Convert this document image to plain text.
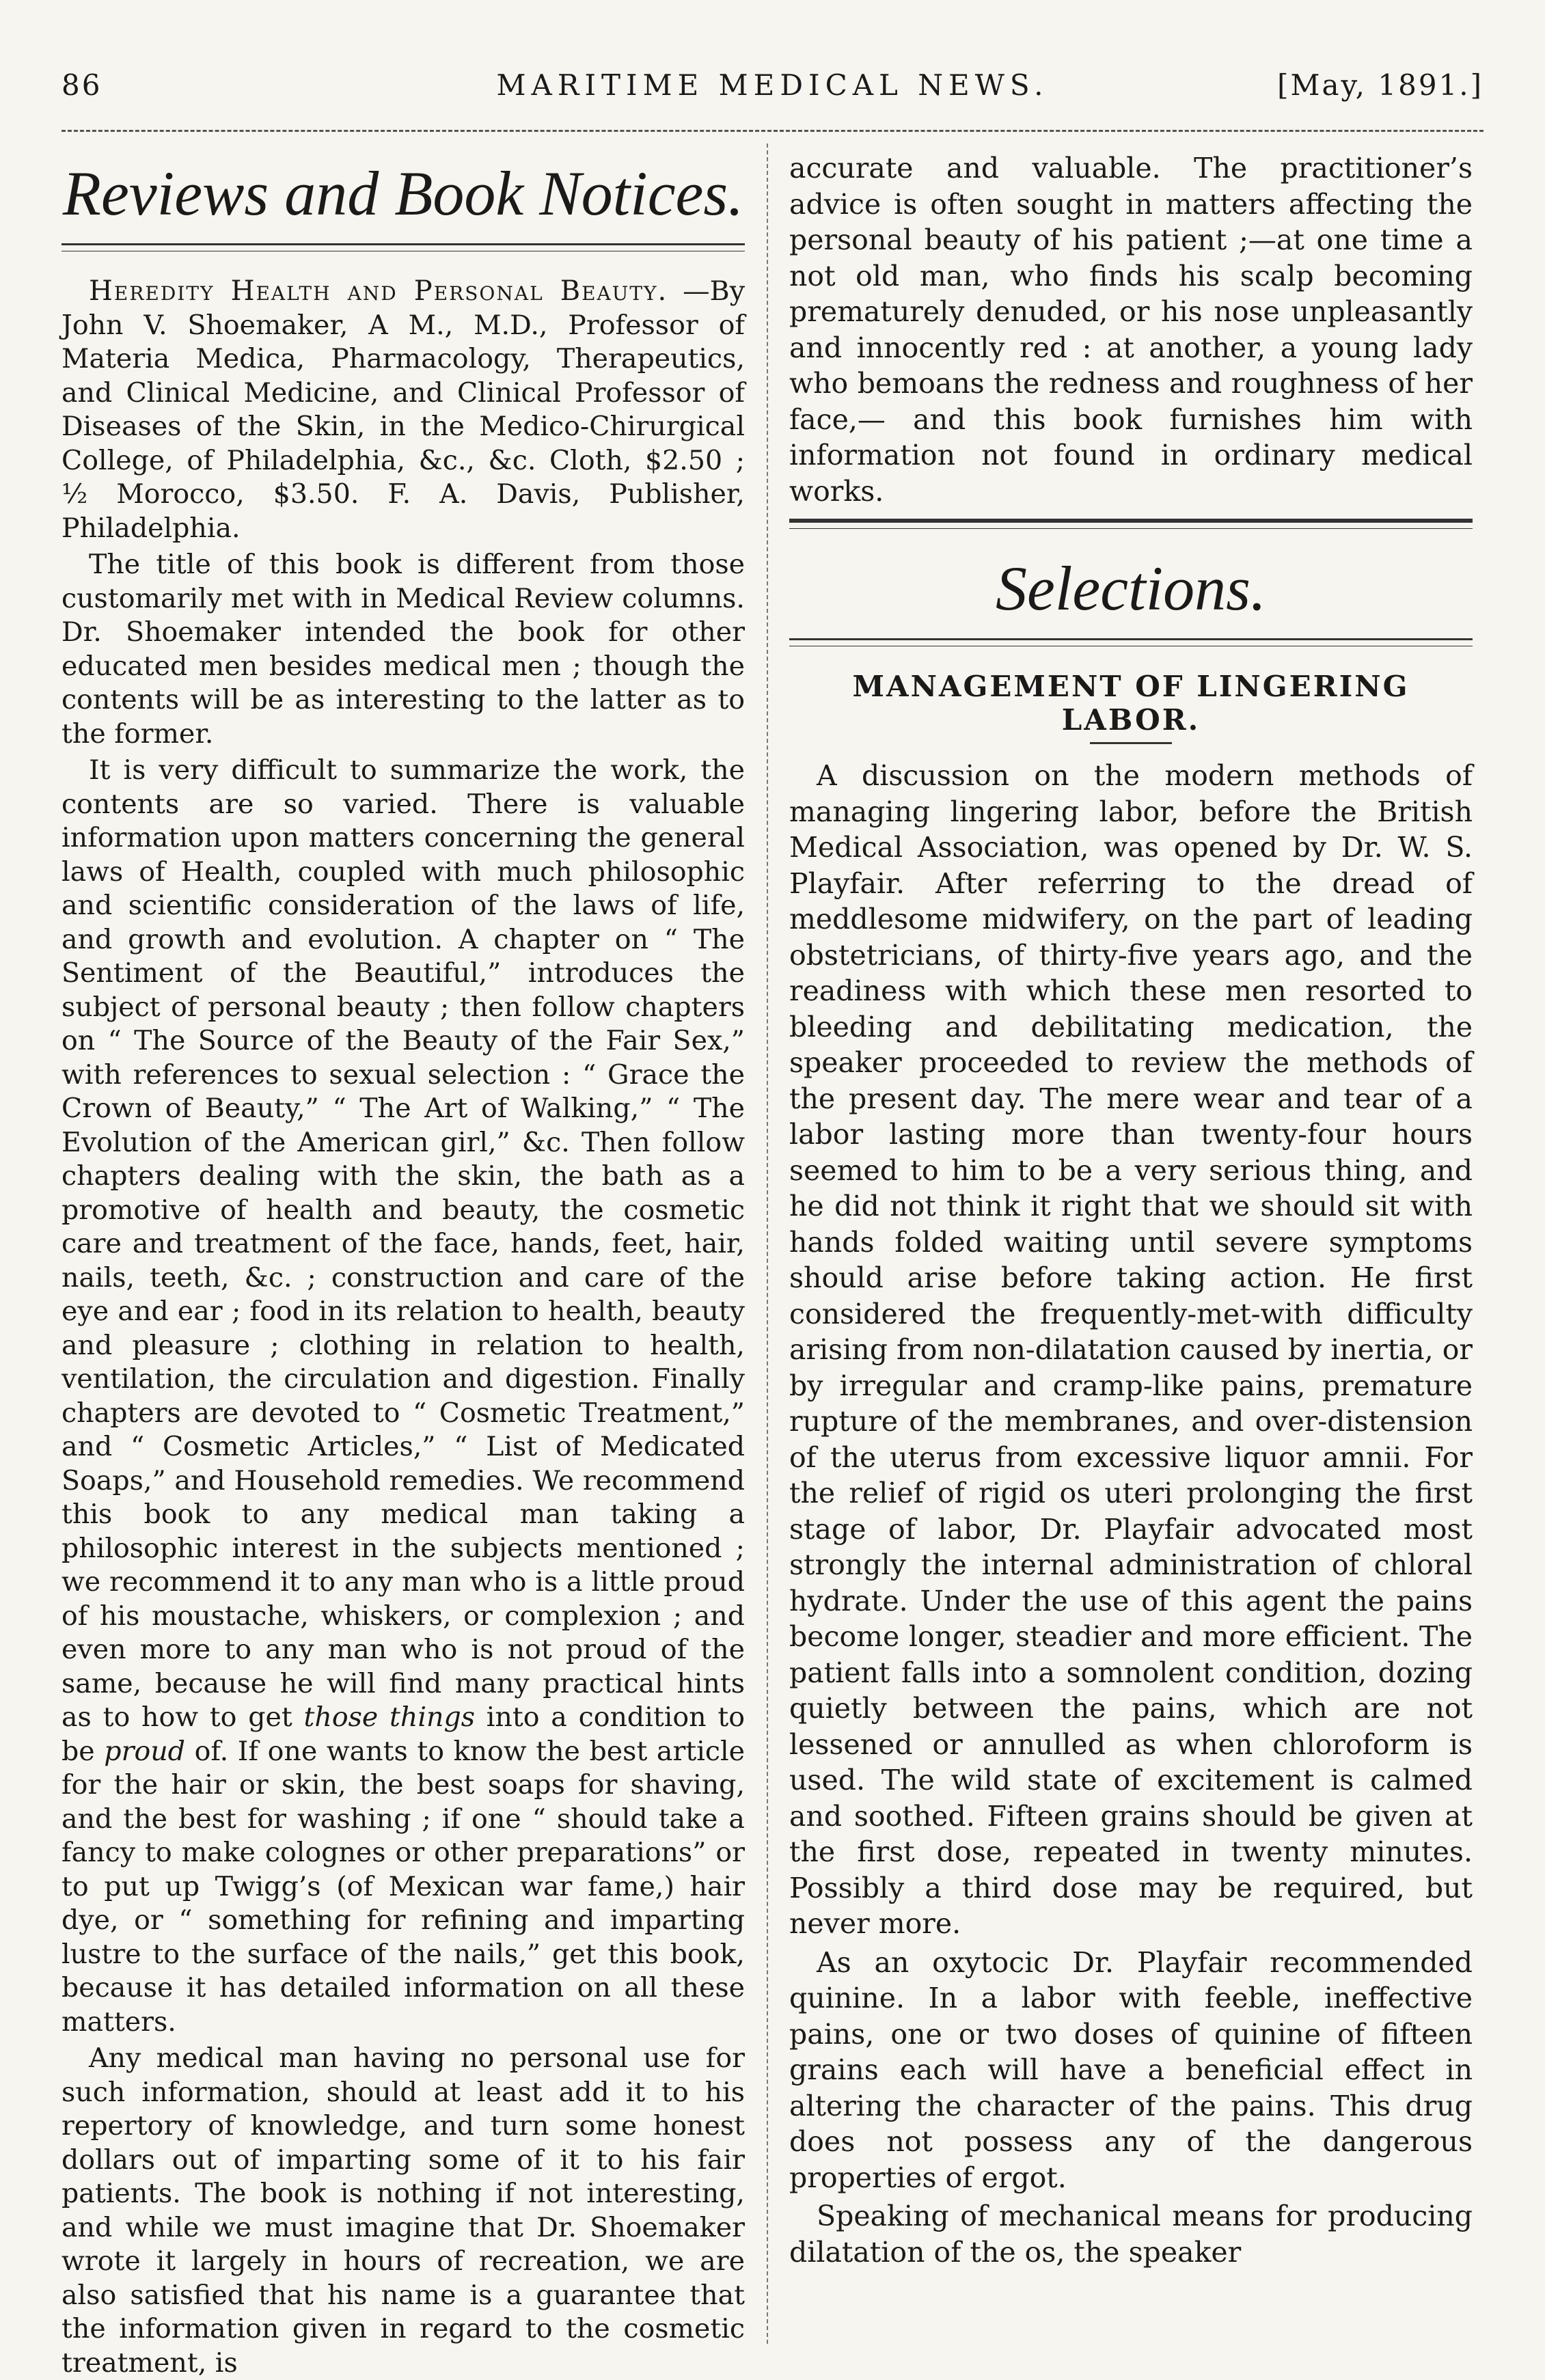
86	MARITIME MEDICAL NEWS.	[May, 1891.]
Reviews and Book Notices.

Heredity Health and Personal Beauty. —By John V. Shoemaker, A M., M.D., Professor of Materia Medica, Pharmacology, Therapeutics, and Clinical Medicine, and Clinical Professor of Diseases of the Skin, in the Medico-Chirurgical College, of Philadelphia, &c., &c. Cloth, $2.50 ; ½ Morocco, $3.50. F. A. Davis, Publisher, Philadelphia.

The title of this book is different from those customarily met with in Medical Review columns. Dr. Shoemaker intended the book for other educated men besides medical men ; though the contents will be as interesting to the latter as to the former.

It is very difficult to summarize the work, the contents are so varied. There is valuable information upon matters concerning the general laws of Health, coupled with much philosophic and scientific consideration of the laws of life, and growth and evolution. A chapter on “ The Sentiment of the Beautiful,” introduces the subject of personal beauty ; then follow chapters on “ The Source of the Beauty of the Fair Sex,” with references to sexual selection : “ Grace the Crown of Beauty,” “ The Art of Walking,” “ The Evolution of the American girl,” &c. Then follow chapters dealing with the skin, the bath as a promotive of health and beauty, the cosmetic care and treatment of the face, hands, feet, hair, nails, teeth, &c. ; construction and care of the eye and ear ; food in its relation to health, beauty and pleasure ; clothing in relation to health, ventilation, the circulation and digestion. Finally chapters are devoted to “ Cosmetic Treatment,” and “ Cosmetic Articles,” “ List of Medicated Soaps,” and Household remedies. We recommend this book to any medical man taking a philosophic interest in the subjects mentioned ; we recommend it to any man who is a little proud of his moustache, whiskers, or complexion ; and even more to any man who is not proud of the same, because he will find many practical hints as to how to get those things into a condition to be proud of. If one wants to know the best article for the hair or skin, the best soaps for shaving, and the best for washing ; if one “ should take a fancy to make colognes or other preparations” or to put up Twigg’s (of Mexican war fame,) hair dye, or “ something for refining and imparting lustre to the surface of the nails,” get this book, because it has detailed information on all these matters.

Any medical man having no personal use for such information, should at least add it to his repertory of knowledge, and turn some honest dollars out of imparting some of it to his fair patients. The book is nothing if not interesting, and while we must imagine that Dr. Shoemaker wrote it largely in hours of recreation, we are also satisfied that his name is a guarantee that the information given in regard to the cosmetic treatment, is

accurate and valuable. The practitioner’s advice is often sought in matters affecting the personal beauty of his patient ;—at one time a not old man, who finds his scalp becoming prematurely denuded, or his nose unpleasantly and innocently red : at another, a young lady who bemoans the redness and roughness of her face,— and this book furnishes him with information not found in ordinary medical works.

Selections.
MANAGEMENT OF LINGERING LABOR.

A discussion on the modern methods of managing lingering labor, before the British Medical Association, was opened by Dr. W. S. Playfair. After referring to the dread of meddlesome midwifery, on the part of leading obstetricians, of thirty-five years ago, and the readiness with which these men resorted to bleeding and debilitating medication, the speaker proceeded to review the methods of the present day. The mere wear and tear of a labor lasting more than twenty-four hours seemed to him to be a very serious thing, and he did not think it right that we should sit with hands folded waiting until severe symptoms should arise before taking action. He first considered the frequently-met-with difficulty arising from non-dilatation caused by inertia, or by irregular and cramp-like pains, premature rupture of the membranes, and over-distension of the uterus from excessive liquor amnii. For the relief of rigid os uteri prolonging the first stage of labor, Dr. Playfair advocated most strongly the internal administration of chloral hydrate. Under the use of this agent the pains become longer, steadier and more efficient. The patient falls into a somnolent condition, dozing quietly between the pains, which are not lessened or annulled as when chloroform is used. The wild state of excitement is calmed and soothed. Fifteen grains should be given at the first dose, repeated in twenty minutes. Possibly a third dose may be required, but never more.

As an oxytocic Dr. Playfair recommended quinine. In a labor with feeble, ineffective pains, one or two doses of quinine of fifteen grains each will have a beneficial effect in altering the character of the pains. This drug does not possess any of the dangerous properties of ergot.

Speaking of mechanical means for producing dilatation of the os, the speaker
